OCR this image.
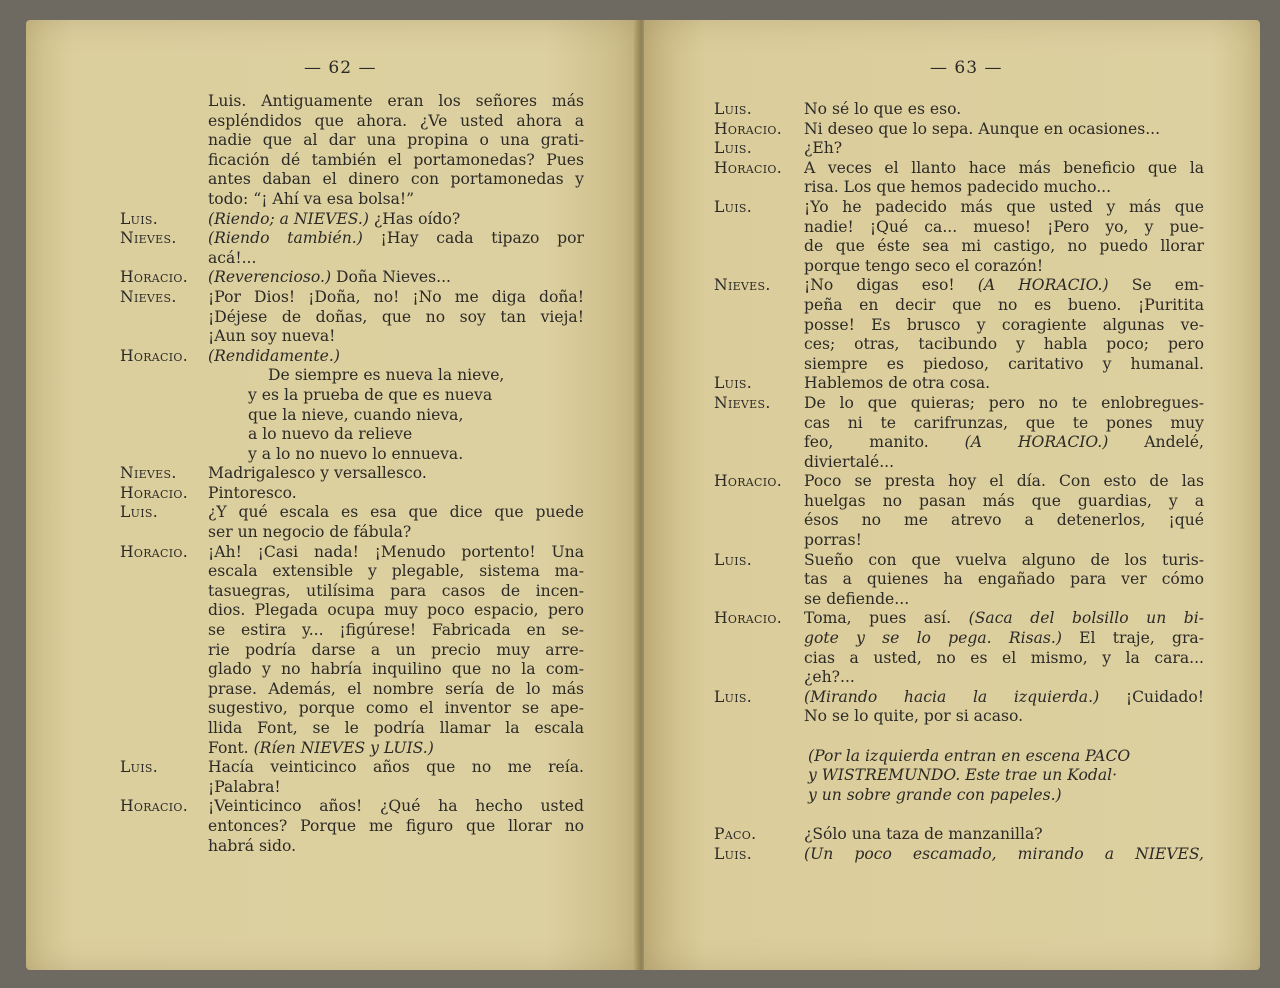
— 62 —
Luis. Antiguamente eran los señores más
espléndidos que ahora. ¿Ve usted ahora a
nadie que al dar una propina o una grati-
ficación dé también el portamonedas? Pues
antes daban el dinero con portamonedas y
todo: “¡ Ahí va esa bolsa!”
Luis.	(Riendo; a NIEVES.) ¿Has oído?
Nieves.	(Riendo también.) ¡Hay cada tipazo por
acá!...
Horacio.	(Reverencioso.) Doña Nieves...
Nieves.	¡Por Dios! ¡Doña, no! ¡No me diga doña!
¡Déjese de doñas, que no soy tan vieja!
¡Aun soy nueva!
Horacio.	(Rendidamente.)
De siempre es nueva la nieve,
y es la prueba de que es nueva
que la nieve, cuando nieva,
a lo nuevo da relieve
y a lo no nuevo lo ennueva.
Nieves.	Madrigalesco y versallesco.
Horacio.	Pintoresco.
Luis.	¿Y qué escala es esa que dice que puede
ser un negocio de fábula?
Horacio.	¡Ah! ¡Casi nada! ¡Menudo portento! Una
escala extensible y plegable, sistema ma-
tasuegras, utilísima para casos de incen-
dios. Plegada ocupa muy poco espacio, pero
se estira y... ¡figúrese! Fabricada en se-
rie podría darse a un precio muy arre-
glado y no habría inquilino que no la com-
prase. Además, el nombre sería de lo más
sugestivo, porque como el inventor se ape-
llida Font, se le podría llamar la escala
Font. (Ríen NIEVES y LUIS.)
Luis.	Hacía veinticinco años que no me reía.
¡Palabra!
Horacio.	¡Veinticinco años! ¿Qué ha hecho usted
entonces? Porque me figuro que llorar no
habrá sido.
— 63 —
Luis.	No sé lo que es eso.
Horacio.	Ni deseo que lo sepa. Aunque en ocasiones...
Luis.	¿Eh?
Horacio.	A veces el llanto hace más beneficio que la
risa. Los que hemos padecido mucho...
Luis.	¡Yo he padecido más que usted y más que
nadie! ¡Qué ca... mueso! ¡Pero yo, y pue-
de que éste sea mi castigo, no puedo llorar
porque tengo seco el corazón!
Nieves.	¡No digas eso! (A HORACIO.) Se em-
peña en decir que no es bueno. ¡Puritita
posse! Es brusco y coragiente algunas ve-
ces; otras, tacibundo y habla poco; pero
siempre es piedoso, caritativo y humanal.
Luis.	Hablemos de otra cosa.
Nieves.	De lo que quieras; pero no te enlobregues-
cas ni te carifrunzas, que te pones muy
feo, manito. (A HORACIO.) Andelé,
diviertalé...
Horacio.	Poco se presta hoy el día. Con esto de las
huelgas no pasan más que guardias, y a
ésos no me atrevo a detenerlos, ¡qué
porras!
Luis.	Sueño con que vuelva alguno de los turis-
tas a quienes ha engañado para ver cómo
se defiende...
Horacio.	Toma, pues así. (Saca del bolsillo un bi-
gote y se lo pega. Risas.) El traje, gra-
cias a usted, no es el mismo, y la cara...
¿eh?...
Luis.	(Mirando hacia la izquierda.) ¡Cuidado!
No se lo quite, por si acaso.
(Por la izquierda entran en escena PACO
y WISTREMUNDO. Este trae un Kodal·
y un sobre grande con papeles.)
Paco.	¿Sólo una taza de manzanilla?
Luis.	(Un poco escamado, mirando a NIEVES,
